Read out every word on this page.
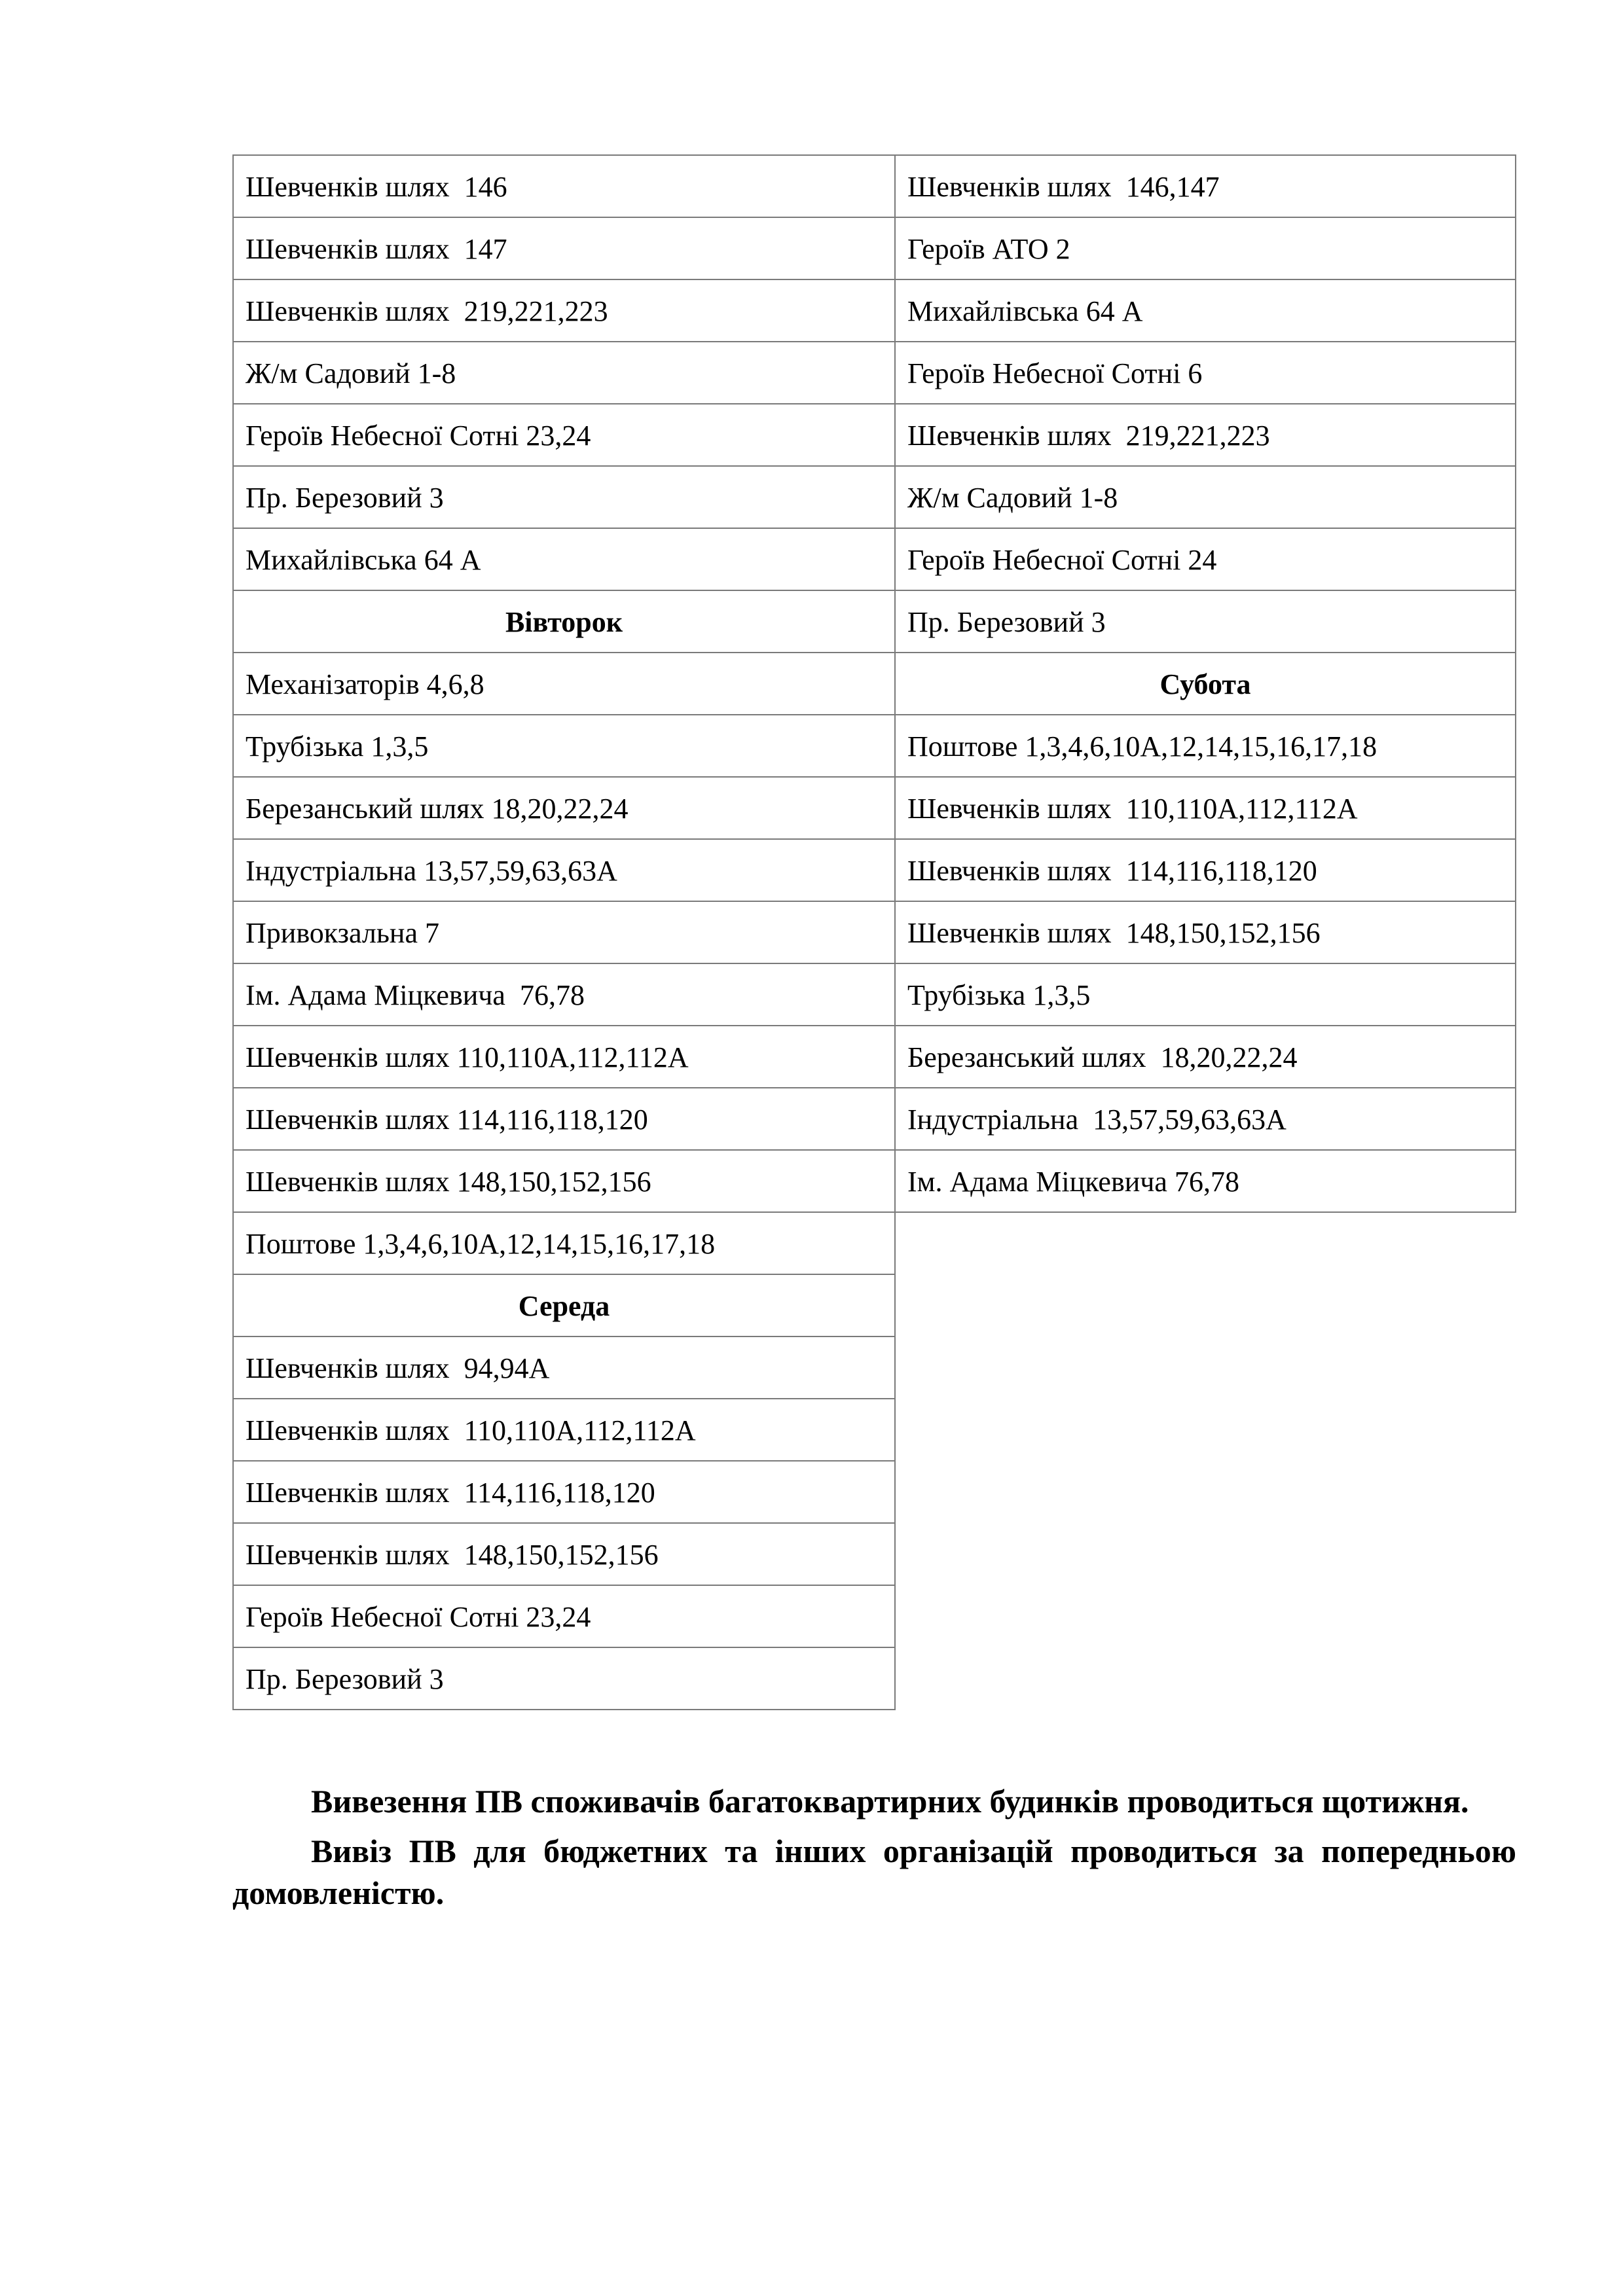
Шевченків шлях  146
Шевченків шлях  147
Шевченків шлях  219,221,223
Ж/м Садовий 1-8
Героїв Небесної Сотні 23,24
Пр. Березовий 3
Михайлівська 64 А
Вівторок
Механізаторів 4,6,8
Трубізька 1,3,5
Березанський шлях 18,20,22,24
Індустріальна 13,57,59,63,63А
Привокзальна 7
Ім. Адама Міцкевича  76,78
Шевченків шлях 110,110А,112,112А
Шевченків шлях 114,116,118,120
Шевченків шлях 148,150,152,156
Поштове 1,3,4,6,10А,12,14,15,16,17,18
Середа
Шевченків шлях  94,94А
Шевченків шлях  110,110А,112,112А
Шевченків шлях  114,116,118,120
Шевченків шлях  148,150,152,156
Героїв Небесної Сотні 23,24
Пр. Березовий 3
Шевченків шлях  146,147
Героїв АТО 2
Михайлівська 64 А
Героїв Небесної Сотні 6
Шевченків шлях  219,221,223
Ж/м Садовий 1-8
Героїв Небесної Сотні 24
Пр. Березовий 3
Субота
Поштове 1,3,4,6,10А,12,14,15,16,17,18
Шевченків шлях  110,110А,112,112А
Шевченків шлях  114,116,118,120
Шевченків шлях  148,150,152,156
Трубізька 1,3,5
Березанський шлях  18,20,22,24
Індустріальна  13,57,59,63,63А
Ім. Адама Міцкевича 76,78

Вивезення ПВ споживачів багатоквартирних будинків проводиться щотижня.

Вивіз ПВ для бюджетних та інших організацій проводиться за попередньою домовленістю.
